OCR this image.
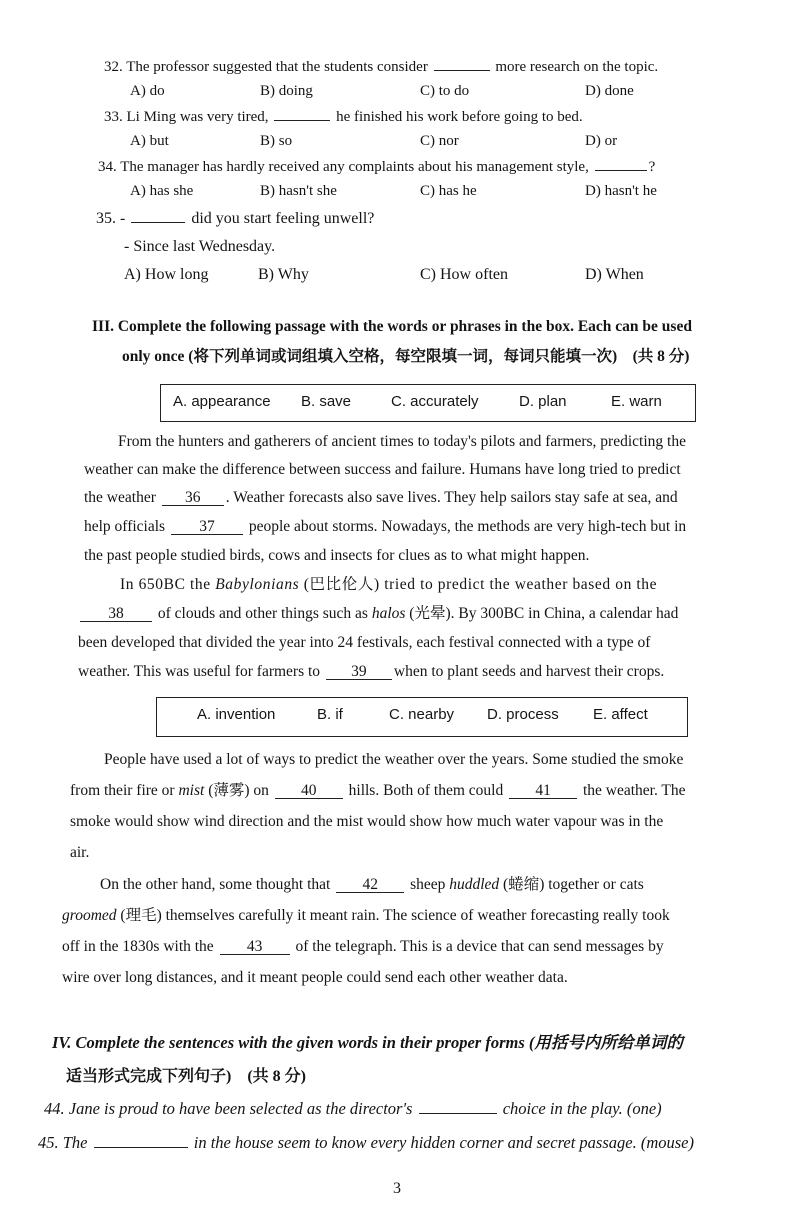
32. The professor suggested that the students consider	more research on the topic.
A) do	B) doing	C) to do	D) done
33. Li Ming was very tired,	he finished his work before going to bed.
A) but	B) so	C) nor	D) or
34. The manager has hardly received any complaints about his management style,	?
A) has she	B) hasn't she	C) has he	D) hasn't he
35. -	did you start feeling unwell?
- Since last Wednesday.
A) How long	B) Why	C) How often	D) When
III. Complete the following passage with the words or phrases in the box. Each can be used
only once (将下列单词或词组填入空格，每空限填一词，每词只能填一次)　(共 8 分)
A. appearance B. save	C. accurately	D. plan	E. warn
From the hunters and gatherers of ancient times to today's pilots and farmers, predicting the
weather can make the difference between success and failure. Humans have long tried to predict
the weather 36 . Weather forecasts also save lives. They help sailors stay safe at sea, and
help officials 37 people about storms. Nowadays, the methods are very high-tech but in
the past people studied birds, cows and insects for clues as to what might happen.
In 650BC the Babylonians (巴比伦人) tried to predict the weather based on the
38 of clouds and other things such as halos (光晕). By 300BC in China, a calendar had
been developed that divided the year into 24 festivals, each festival connected with a type of
weather. This was useful for farmers to 39 when to plant seeds and harvest their crops.
A. invention	B. if	C. nearby D. process E. affect
People have used a lot of ways to predict the weather over the years. Some studied the smoke
from their fire or mist (薄雾) on 40 hills. Both of them could 41 the weather. The
smoke would show wind direction and the mist would show how much water vapour was in the
air.
On the other hand, some thought that 42 sheep huddled (蜷缩) together or cats
groomed (理毛) themselves carefully it meant rain. The science of weather forecasting really took
off in the 1830s with the 43 of the telegraph. This is a device that can send messages by
wire over long distances, and it meant people could send each other weather data.
IV. Complete the sentences with the given words in their proper forms (用括号内所给单词的
适当形式完成下列句子)　(共 8 分)
44. Jane is proud to have been selected as the director's	choice in the play. (one)
45. The	in the house seem to know every hidden corner and secret passage. (mouse)
3
